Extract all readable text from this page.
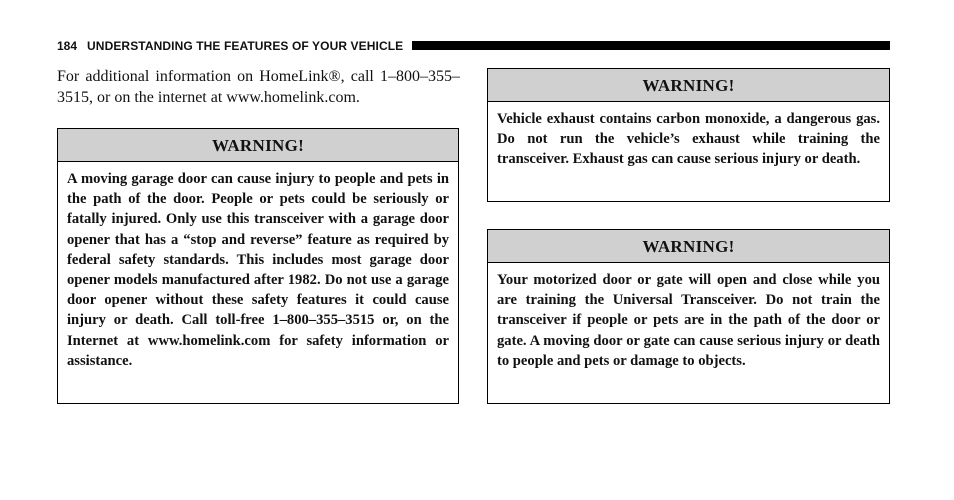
184 UNDERSTANDING THE FEATURES OF YOUR VEHICLE

For additional information on HomeLink®, call 1–800–355–3515, or on the internet at www.homelink.com.

WARNING!
A moving garage door can cause injury to people and pets in the path of the door. People or pets could be seriously or fatally injured. Only use this transceiver with a garage door opener that has a “stop and reverse” feature as required by federal safety standards. This includes most garage door opener models manufactured after 1982. Do not use a garage door opener without these safety features it could cause injury or death. Call toll-free 1–800–355–3515 or, on the Internet at www.homelink.com for safety information or assistance.
WARNING!
Vehicle exhaust contains carbon monoxide, a dangerous gas. Do not run the vehicle’s exhaust while training the transceiver. Exhaust gas can cause serious injury or death.
WARNING!
Your motorized door or gate will open and close while you are training the Universal Transceiver. Do not train the transceiver if people or pets are in the path of the door or gate. A moving door or gate can cause serious injury or death to people and pets or damage to objects.
